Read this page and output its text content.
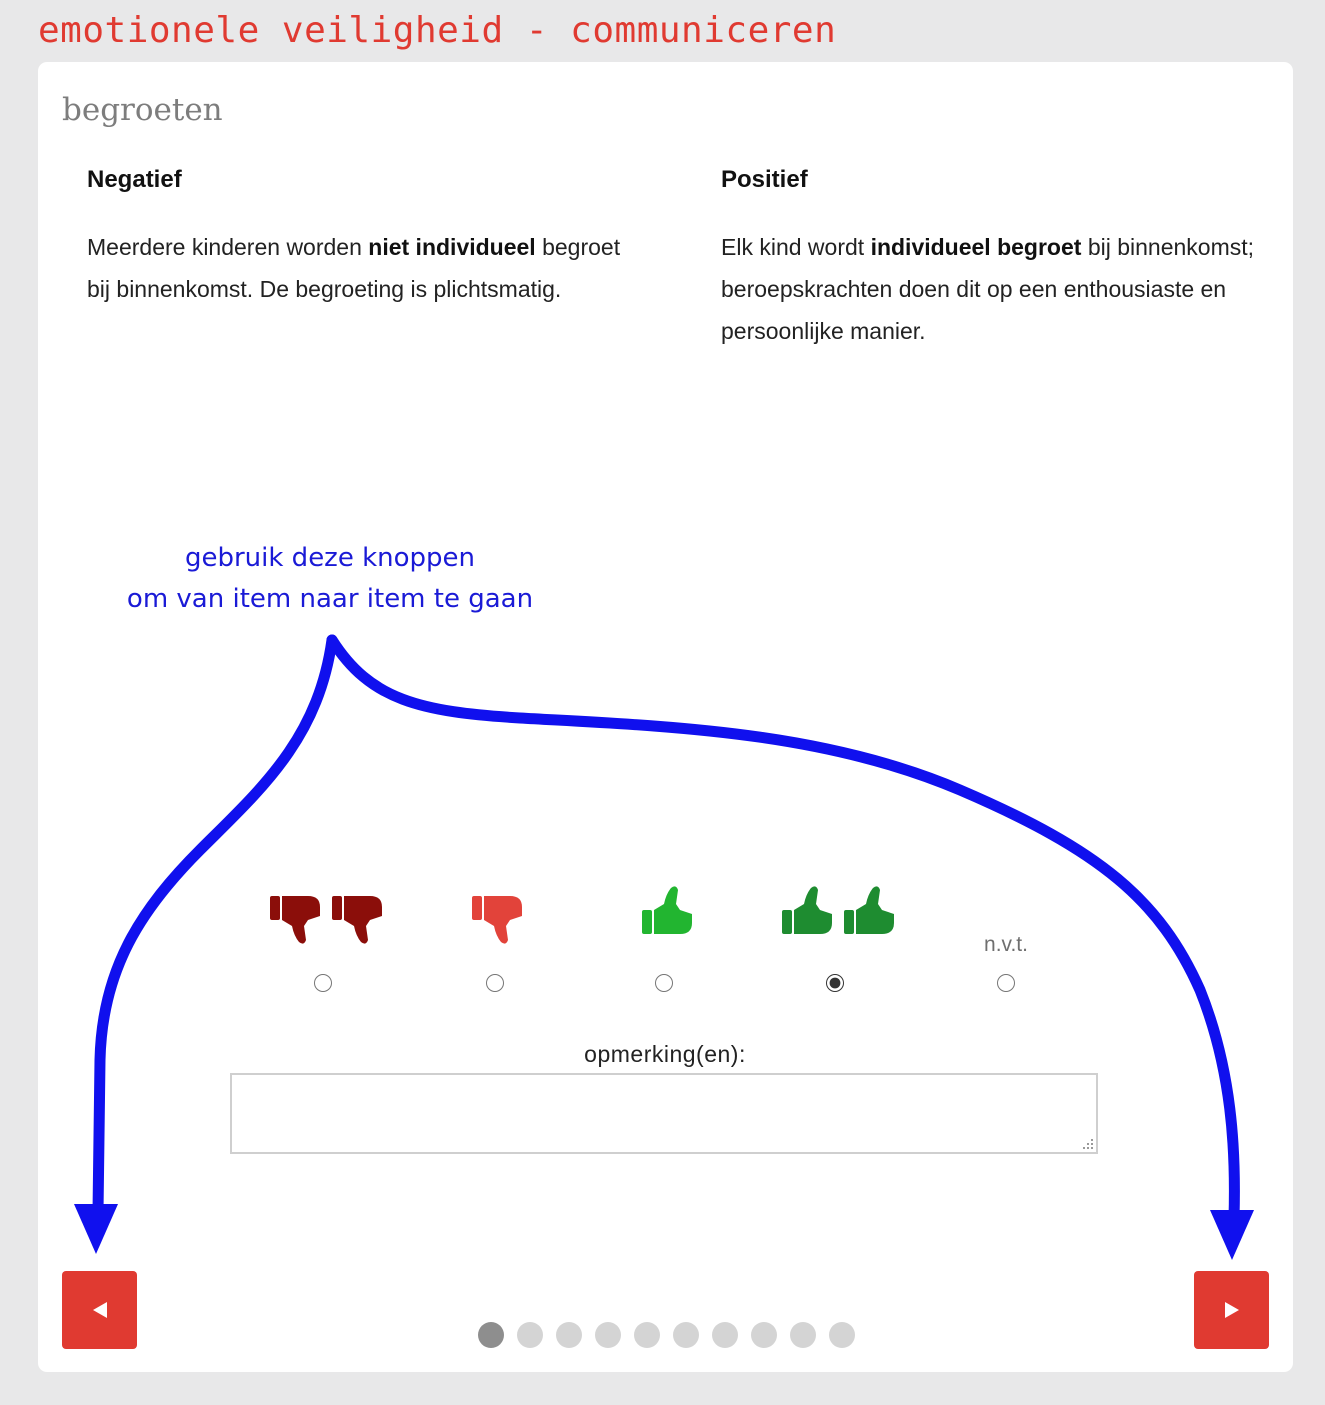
emotionele veiligheid - communiceren
begroeten
Negatief

Meerdere kinderen worden niet individueel begroet bij binnenkomst. De begroeting is plichtsmatig.

Positief

Elk kind wordt individueel begroet bij binnenkomst; beroepskrachten doen dit op een enthousiaste en persoonlijke manier.

gebruik deze knoppen
om van item naar item te gaan
n.v.t.
opmerking(en):
